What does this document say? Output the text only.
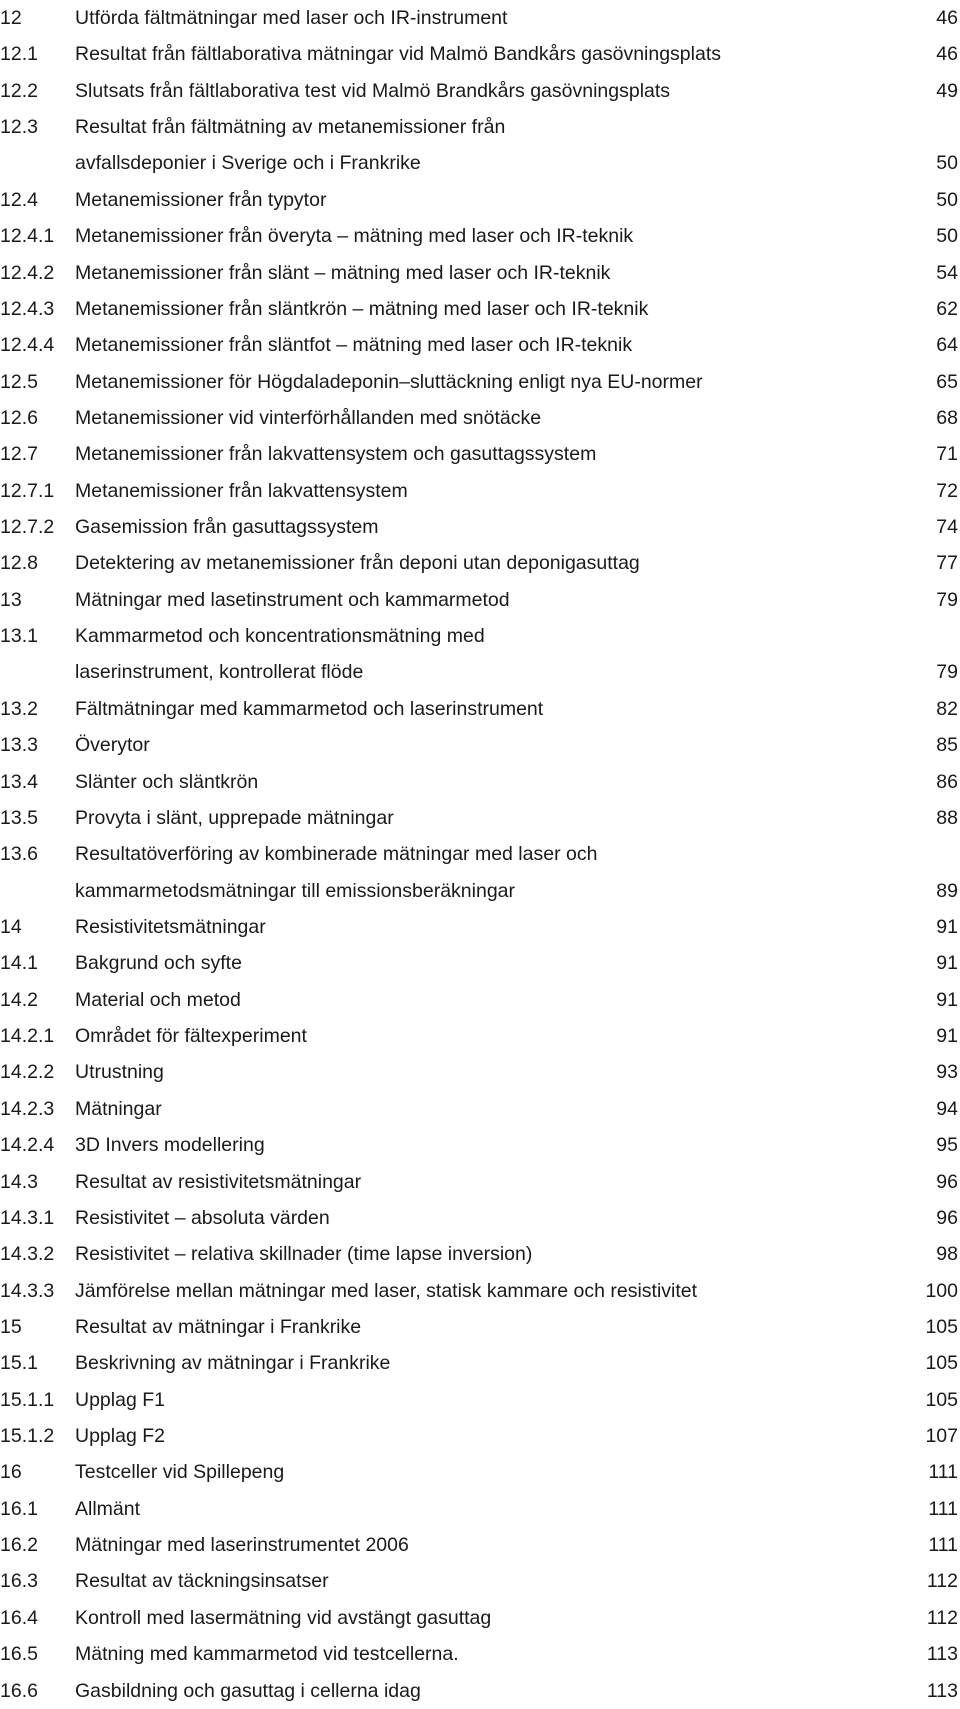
12	Utförda fältmätningar med laser och IR-instrument	46
12.1 Resultat från fältlaborativa mätningar vid Malmö Bandkårs gasövningsplats	46
12.2 Slutsats från fältlaborativa test vid Malmö Brandkårs gasövningsplats	49
12.3 Resultat från fältmätning av metanemissioner från
avfallsdeponier i Sverige och i Frankrike	50
12.4 Metanemissioner från typytor	50
12.4.1 Metanemissioner från överyta – mätning med laser och IR-teknik	50
12.4.2 Metanemissioner från slänt – mätning med laser och IR-teknik	54
12.4.3 Metanemissioner från släntkrön – mätning med laser och IR-teknik	62
12.4.4 Metanemissioner från släntfot – mätning med laser och IR-teknik	64
12.5 Metanemissioner för Högdaladeponin–sluttäckning enligt nya EU-normer	65
12.6 Metanemissioner vid vinterförhållanden med snötäcke	68
12.7 Metanemissioner från lakvattensystem och gasuttagssystem	71
12.7.1 Metanemissioner från lakvattensystem	72
12.7.2 Gasemission från gasuttagssystem	74
12.8 Detektering av metanemissioner från deponi utan deponigasuttag	77
13	Mätningar med lasetinstrument och kammarmetod	79
13.1 Kammarmetod och koncentrationsmätning med
laserinstrument, kontrollerat flöde	79
13.2 Fältmätningar med kammarmetod och laserinstrument	82
13.3 Överytor	85
13.4 Slänter och släntkrön	86
13.5 Provyta i slänt, upprepade mätningar	88
13.6 Resultatöverföring av kombinerade mätningar med laser och
kammarmetodsmätningar till emissionsberäkningar	89
14	Resistivitetsmätningar	91
14.1 Bakgrund och syfte	91
14.2 Material och metod	91
14.2.1 Området för fältexperiment	91
14.2.2 Utrustning	93
14.2.3 Mätningar	94
14.2.4 3D Invers modellering	95
14.3 Resultat av resistivitetsmätningar	96
14.3.1 Resistivitet – absoluta värden	96
14.3.2 Resistivitet – relativa skillnader (time lapse inversion)	98
14.3.3 Jämförelse mellan mätningar med laser, statisk kammare och resistivitet	100
15	Resultat av mätningar i Frankrike	105
15.1 Beskrivning av mätningar i Frankrike	105
15.1.1 Upplag F1	105
15.1.2 Upplag F2	107
16	Testceller vid Spillepeng	111
16.1 Allmänt	111
16.2 Mätningar med laserinstrumentet 2006	111
16.3 Resultat av täckningsinsatser	112
16.4 Kontroll med lasermätning vid avstängt gasuttag	112
16.5 Mätning med kammarmetod vid testcellerna.	113
16.6 Gasbildning och gasuttag i cellerna idag	113
